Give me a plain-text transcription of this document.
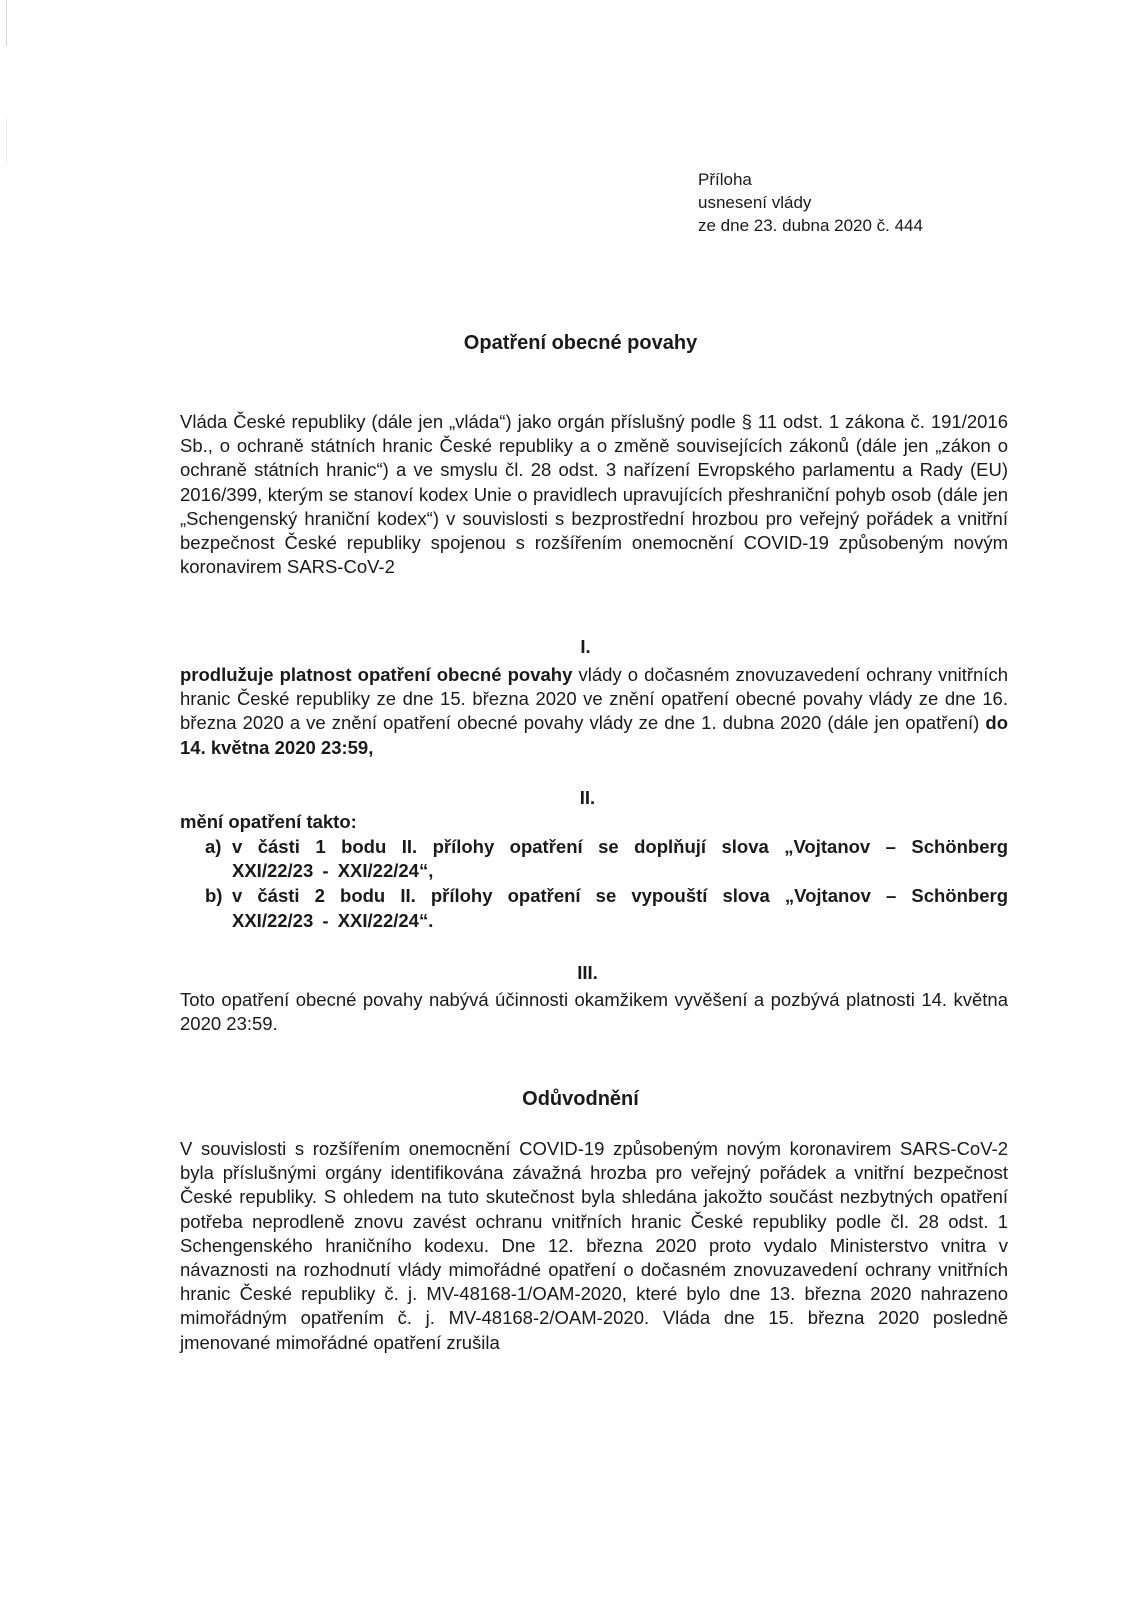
Příloha
usnesení vlády
ze dne 23. dubna 2020 č. 444
Opatření obecné povahy

Vláda České republiky (dále jen „vláda“) jako orgán příslušný podle § 11 odst. 1 zákona č. 191/2016 Sb., o ochraně státních hranic České republiky a o změně souvisejících zákonů (dále jen „zákon o ochraně státních hranic“) a ve smyslu čl. 28 odst. 3 nařízení Evropského parlamentu a Rady (EU) 2016/399, kterým se stanoví kodex Unie o pravidlech upravujících přeshraniční pohyb osob (dále jen „Schengenský hraniční kodex“) v souvislosti s bezprostřední hrozbou pro veřejný pořádek a vnitřní bezpečnost České republiky spojenou s rozšířením onemocnění COVID-19 způsobeným novým koronavirem SARS-CoV-2

I.

prodlužuje platnost opatření obecné povahy vlády o dočasném znovuzavedení ochrany vnitřních hranic České republiky ze dne 15. března 2020 ve znění opatření obecné povahy vlády ze dne 16. března 2020 a ve znění opatření obecné povahy vlády ze dne 1. dubna 2020 (dále jen opatření) do 14. května 2020 23:59,

II.
mění opatření takto:
a) v části 1 bodu II. přílohy opatření se doplňují slova „Vojtanov – Schönberg XXI/22/23 - XXI/22/24“,
b) v části 2 bodu II. přílohy opatření se vypouští slova „Vojtanov – Schönberg XXI/22/23 - XXI/22/24“.
III.

Toto opatření obecné povahy nabývá účinnosti okamžikem vyvěšení a pozbývá platnosti 14. května 2020 23:59.

Odůvodnění

V souvislosti s rozšířením onemocnění COVID-19 způsobeným novým koronavirem SARS-CoV-2 byla příslušnými orgány identifikována závažná hrozba pro veřejný pořádek a vnitřní bezpečnost České republiky. S ohledem na tuto skutečnost byla shledána jakožto součást nezbytných opatření potřeba neprodleně znovu zavést ochranu vnitřních hranic České republiky podle čl. 28 odst. 1 Schengenského hraničního kodexu. Dne 12. března 2020 proto vydalo Ministerstvo vnitra v návaznosti na rozhodnutí vlády mimořádné opatření o dočasném znovuzavedení ochrany vnitřních hranic České republiky č. j. MV-48168-1/OAM-2020, které bylo dne 13. března 2020 nahrazeno mimořádným opatřením č. j. MV-48168-2/OAM-2020. Vláda dne 15. března 2020 posledně jmenované mimořádné opatření zrušila
